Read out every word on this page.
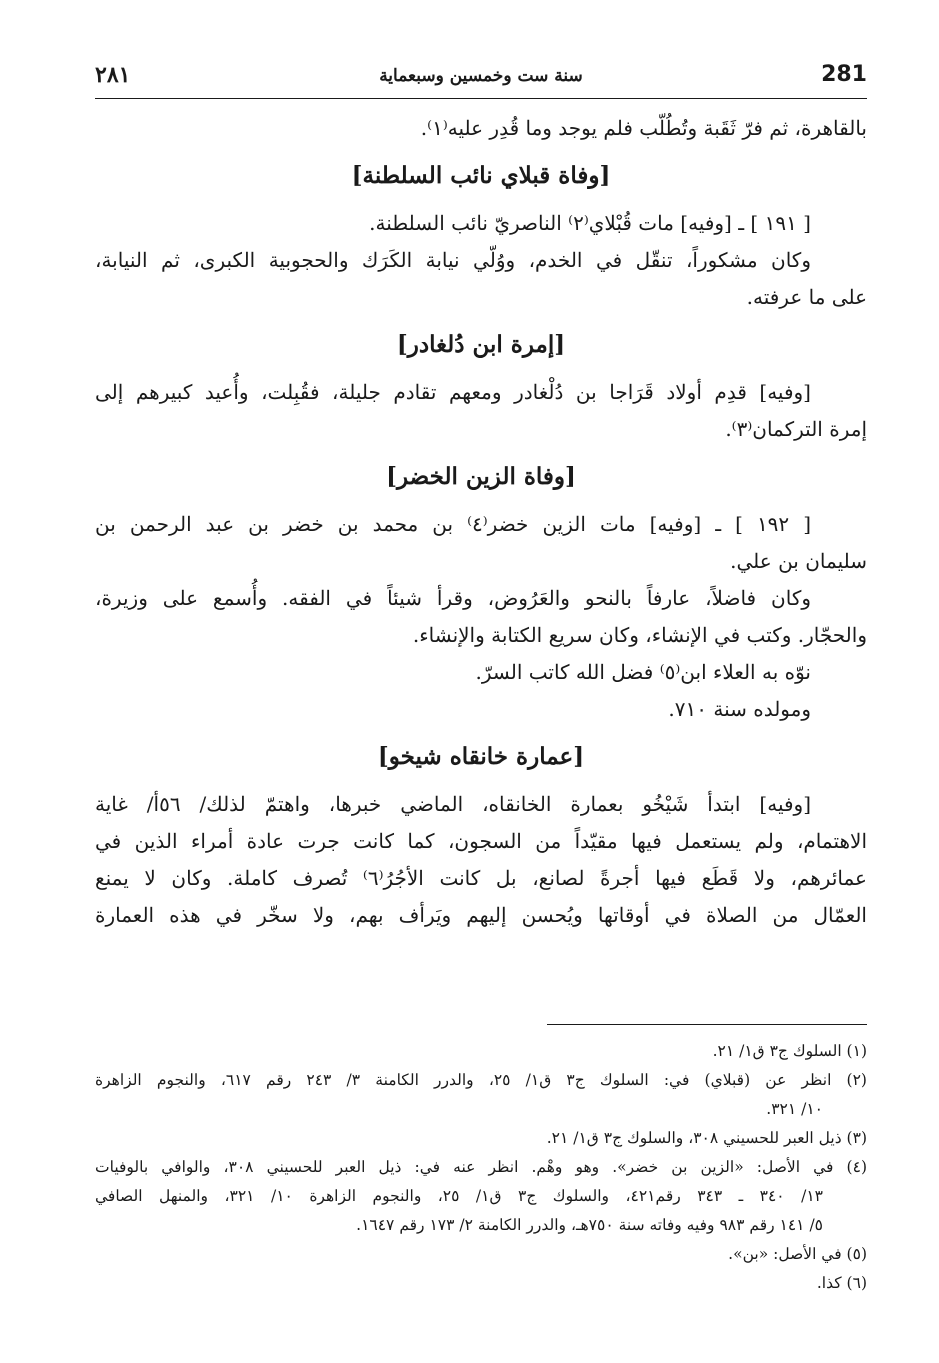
٢٨١	سنة ست وخمسين وسبعماية	281

بالقاهرة، ثم فرّ ثَقَبة وتُطُلّب فلم يوجد وما قُدِر عليه⁽١⁾.

[وفاة قبلاي نائب السلطنة]

[ ١٩١ ] ـ [وفيه] مات قُبْلاي⁽٢⁾ الناصريّ نائب السلطنة.

وكان مشكوراً، تنقّل في الخدم، ووُلّي نيابة الكَرَك والحجوبية الكبرى، ثم النيابة،

على ما عرفته.

[إمرة ابن دُلغادر]

[وفيه] قدِم أولاد قَرَاجا بن دُلْغادر ومعهم تقادم جليلة، فقُبِلت، وأُعيد كبيرهم إلى

إمرة التركمان⁽٣⁾.

[وفاة الزين الخضر]

[ ١٩٢ ] ـ [وفيه] مات الزين خضر⁽٤⁾ بن محمد بن خضر بن عبد الرحمن بن

سليمان بن علي.

وكان فاضلاً، عارفاً بالنحو والعَرُوض، وقرأ شيئاً في الفقه. وأُسمع على وزيرة،

والحجّار. وكتب في الإنشاء، وكان سريع الكتابة والإنشاء.

نوّه به العلاء ابن⁽٥⁾ فضل الله كاتب السرّ.

ومولده سنة ٧١٠.

[عمارة خانقاه شيخو]

[وفيه] ابتدأ شَيْخُو بعمارة الخانقاه، الماضي خبرها، واهتمّ لذلك/ ٥٦أ/ غاية

الاهتمام، ولم يستعمل فيها مقيّداً من السجون، كما كانت جرت عادة أمراء الذين في

عمائرهم، ولا قَطَع فيها أجرةً لصانع، بل كانت الأجُرُ⁽٦⁾ تُصرف كاملة. وكان لا يمنع

العمّال من الصلاة في أوقاتها ويُحسن إليهم ويَرأف بهم، ولا سخّر في هذه العمارة

(١) السلوك ج٣ ق١/ ٢١.

(٢) انظر عن (قبلاي) في: السلوك ج٣ ق١/ ٢٥، والدرر الكامنة ٣/ ٢٤٣ رقم ٦١٧، والنجوم الزاهرة

١٠/ ٣٢١.

(٣) ذيل العبر للحسيني ٣٠٨، والسلوك ج٣ ق١/ ٢١.

(٤) في الأصل: «الزين بن خضر». وهو وهْم. انظر عنه في: ذيل العبر للحسيني ٣٠٨، والوافي بالوفيات

١٣/ ٣٤٠ ـ ٣٤٣ رقم٤٢١، والسلوك ج٣ ق١/ ٢٥، والنجوم الزاهرة ١٠/ ٣٢١، والمنهل الصافي

٥/ ١٤١ رقم ٩٨٣ وفيه وفاته سنة ٧٥٠هـ، والدرر الكامنة ٢/ ١٧٣ رقم ١٦٤٧.

(٥) في الأصل: «بن».

(٦) كذا.
